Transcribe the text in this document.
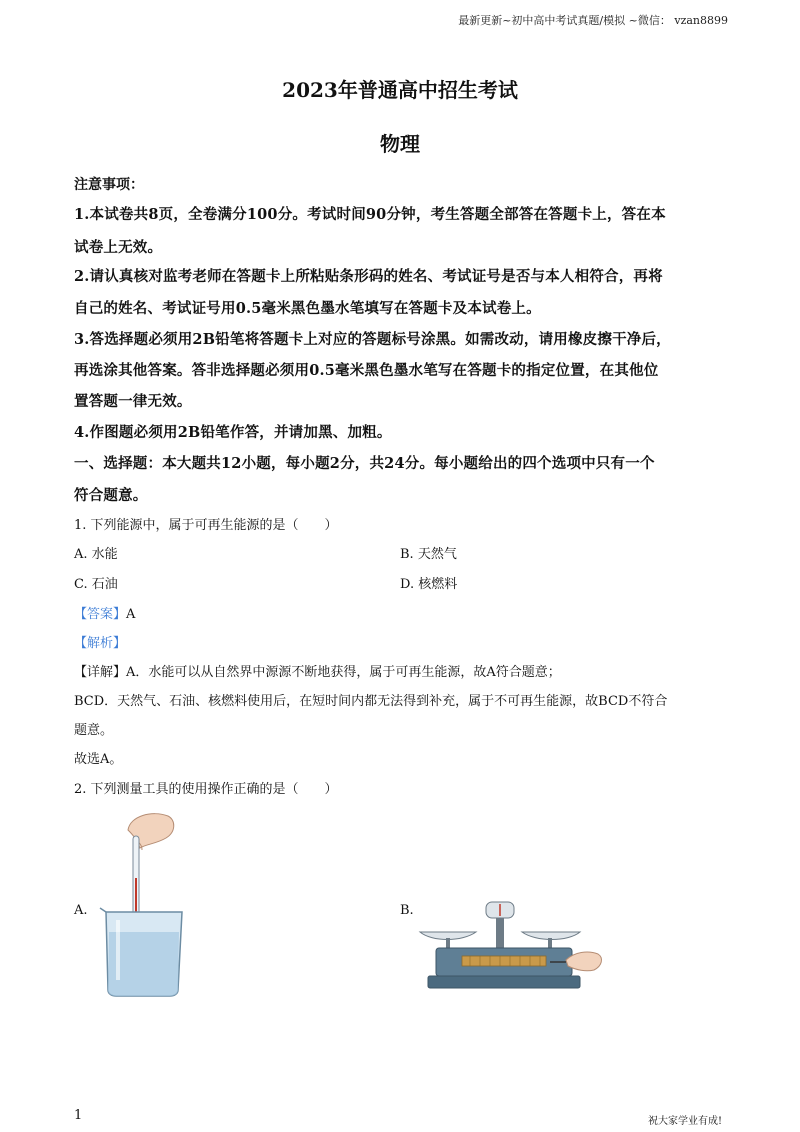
最新更新~初中高中考试真题/模拟 ~微信： vzan8899
2023年普通高中招生考试
物理
注意事项：
1.本试卷共8页，全卷满分100分。考试时间90分钟，考生答题全部答在答题卡上，答在本
试卷上无效。
2.请认真核对监考老师在答题卡上所粘贴条形码的姓名、考试证号是否与本人相符合，再将
自己的姓名、考试证号用0.5毫米黑色墨水笔填写在答题卡及本试卷上。
3.答选择题必须用2B铅笔将答题卡上对应的答题标号涂黑。如需改动，请用橡皮擦干净后，
再选涂其他答案。答非选择题必须用0.5毫米黑色墨水笔写在答题卡的指定位置，在其他位
置答题一律无效。
4.作图题必须用2B铅笔作答，并请加黑、加粗。
一、选择题：本大题共12小题，每小题2分，共24分。每小题给出的四个选项中只有一个
符合题意。
1. 下列能源中，属于可再生能源的是（　　）
A. 水能	B. 天然气
C. 石油	D. 核燃料
【答案】A
【解析】
【详解】A．水能可以从自然界中源源不断地获得，属于可再生能源，故A符合题意；
BCD．天然气、石油、核燃料使用后，在短时间内都无法得到补充，属于不可再生能源，故BCD不符合
题意。
故选A。
2. 下列测量工具的使用操作正确的是（　　）
A.	B.
1	祝大家学业有成!
